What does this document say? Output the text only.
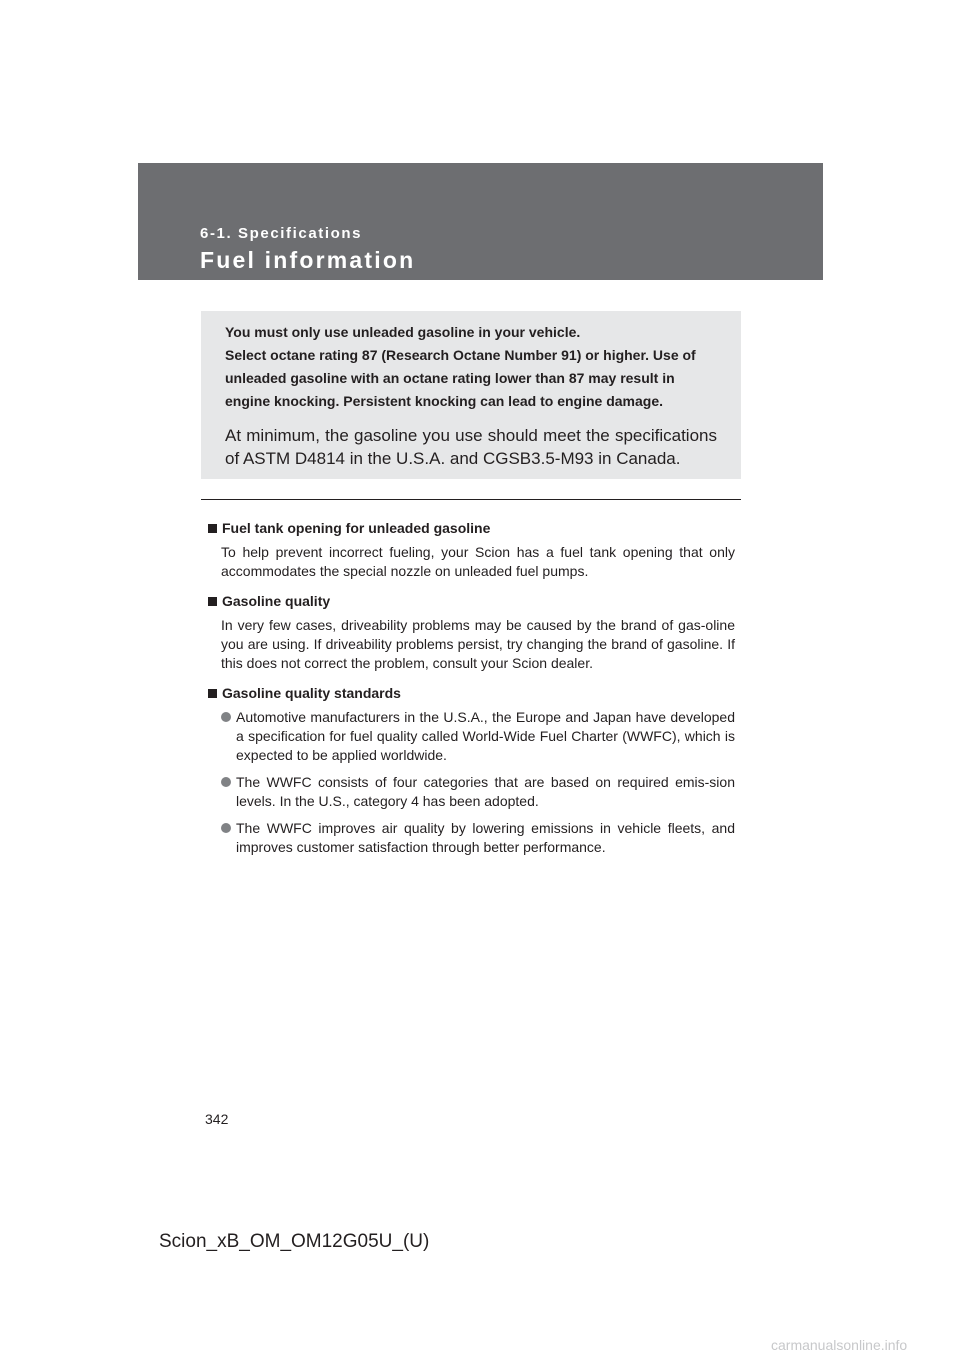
6-1. Specifications

Fuel information

You must only use unleaded gasoline in your vehicle.

Select octane rating 87 (Research Octane Number 91) or higher. Use of unleaded gasoline with an octane rating lower than 87 may result in engine knocking. Persistent knocking can lead to engine damage.

At minimum, the gasoline you use should meet the specifications of ASTM D4814 in the U.S.A. and CGSB3.5-M93 in Canada.

Fuel tank opening for unleaded gasoline

To help prevent incorrect fueling, your Scion has a fuel tank opening that only accommodates the special nozzle on unleaded fuel pumps.

Gasoline quality

In very few cases, driveability problems may be caused by the brand of gas-oline you are using. If driveability problems persist, try changing the brand of gasoline. If this does not correct the problem, consult your Scion dealer.

Gasoline quality standards

Automotive manufacturers in the U.S.A., the Europe and Japan have developed a specification for fuel quality called World-Wide Fuel Charter (WWFC), which is expected to be applied worldwide.
The WWFC consists of four categories that are based on required emis-sion levels. In the U.S., category 4 has been adopted.
The WWFC improves air quality by lowering emissions in vehicle fleets, and improves customer satisfaction through better performance.

342

Scion_xB_OM_OM12G05U_(U)

carmanualsonline.info
